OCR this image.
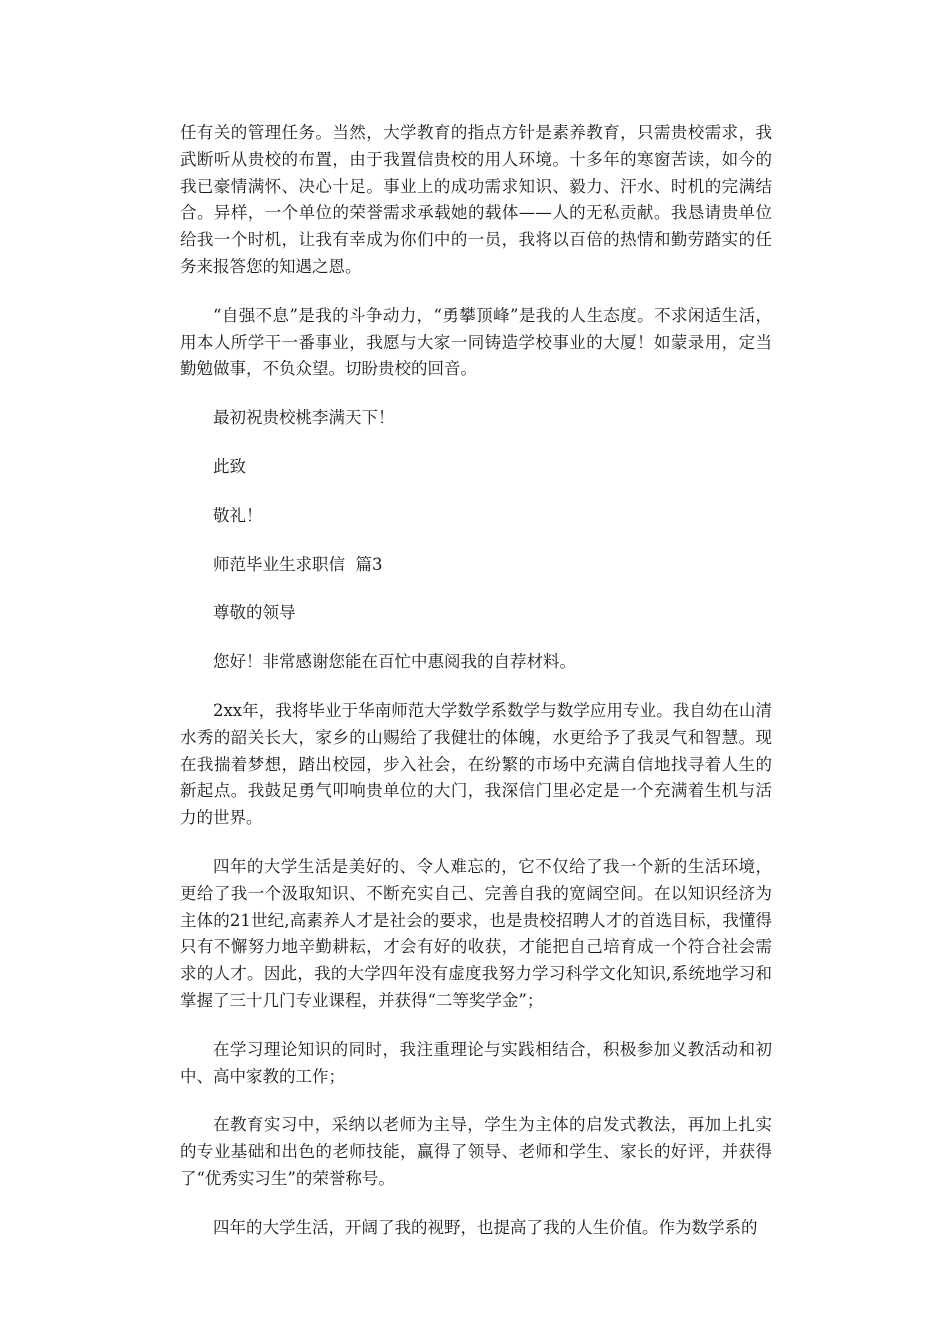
任有关的管理任务。当然，大学教育的指点方针是素养教育，只需贵校需求，我武断听从贵校的布置，由于我置信贵校的用人环境。十多年的寒窗苦读，如今的我已豪情满怀、决心十足。事业上的成功需求知识、毅力、汗水、时机的完满结合。异样，一个单位的荣誉需求承载她的载体——人的无私贡献。我恳请贵单位给我一个时机，让我有幸成为你们中的一员，我将以百倍的热情和勤劳踏实的任务来报答您的知遇之恩。

“自强不息”是我的斗争动力，“勇攀顶峰”是我的人生态度。不求闲适生活，用本人所学干一番事业，我愿与大家一同铸造学校事业的大厦！如蒙录用，定当勤勉做事，不负众望。切盼贵校的回音。

最初祝贵校桃李满天下！

此致

敬礼！

师范毕业生求职信  篇3

尊敬的领导

您好！非常感谢您能在百忙中惠阅我的自荐材料。

2xx年，我将毕业于华南师范大学数学系数学与数学应用专业。我自幼在山清水秀的韶关长大，家乡的山赐给了我健壮的体魄，水更给予了我灵气和智慧。现在我揣着梦想，踏出校园，步入社会，在纷繁的市场中充满自信地找寻着人生的新起点。我鼓足勇气叩响贵单位的大门，我深信门里必定是一个充满着生机与活力的世界。

四年的大学生活是美好的、令人难忘的，它不仅给了我一个新的生活环境，更给了我一个汲取知识、不断充实自己、完善自我的宽阔空间。在以知识经济为主体的21世纪,高素养人才是社会的要求，也是贵校招聘人才的首选目标，我懂得只有不懈努力地辛勤耕耘，才会有好的收获，才能把自己培育成一个符合社会需求的人才。因此，我的大学四年没有虚度我努力学习科学文化知识,系统地学习和掌握了三十几门专业课程，并获得“二等奖学金”；

在学习理论知识的同时，我注重理论与实践相结合，积极参加义教活动和初中、高中家教的工作；

在教育实习中，采纳以老师为主导，学生为主体的启发式教法，再加上扎实的专业基础和出色的老师技能，赢得了领导、老师和学生、家长的好评，并获得了“优秀实习生”的荣誉称号。

四年的大学生活，开阔了我的视野，也提高了我的人生价值。作为数学系的
